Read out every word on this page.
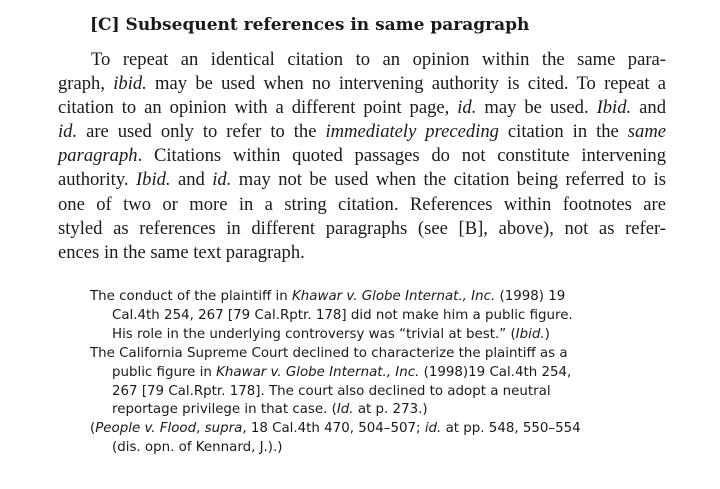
[C] Subsequent references in same paragraph
To repeat an identical citation to an opinion within the same para-
graph, ibid. may be used when no intervening authority is cited. To repeat a
citation to an opinion with a different point page, id. may be used. Ibid. and
id. are used only to refer to the immediately preceding citation in the same
paragraph. Citations within quoted passages do not constitute intervening
authority. Ibid. and id. may not be used when the citation being referred to is
one of two or more in a string citation. References within footnotes are
styled as references in different paragraphs (see [B], above), not as refer-
ences in the same text paragraph.
The conduct of the plaintiff in Khawar v. Globe Internat., Inc. (1998) 19
Cal.4th 254, 267 [79 Cal.Rptr. 178] did not make him a public figure.
His role in the underlying controversy was “trivial at best.” (Ibid.)
The California Supreme Court declined to characterize the plaintiff as a
public figure in Khawar v. Globe Internat., Inc. (1998)19 Cal.4th 254,
267 [79 Cal.Rptr. 178]. The court also declined to adopt a neutral
reportage privilege in that case. (Id. at p. 273.)
(People v. Flood, supra, 18 Cal.4th 470, 504–507; id. at pp. 548, 550–554
(dis. opn. of Kennard, J.).)
